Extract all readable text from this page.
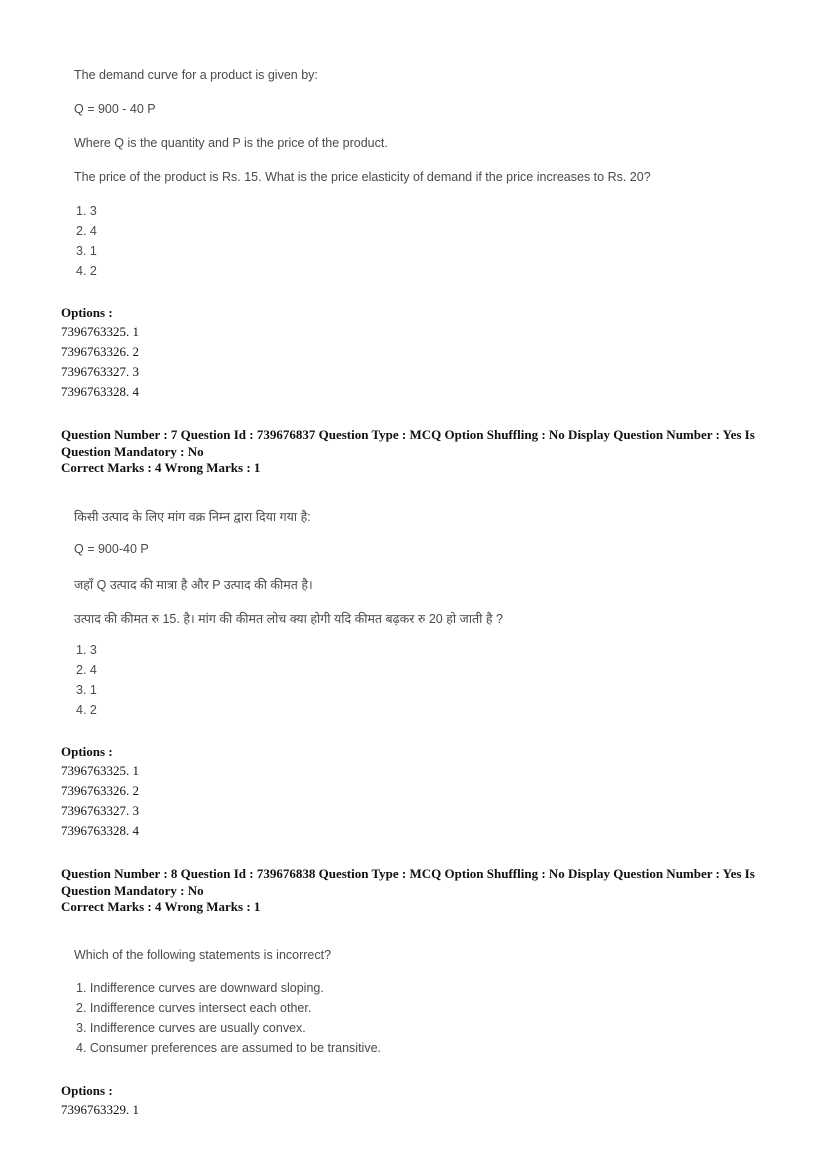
The demand curve for a product is given by:

Q = 900 - 40 P

Where Q is the quantity and P is the price of the product.

The price of the product is Rs. 15. What is the price elasticity of demand if the price increases to Rs. 20?

1. 3
2. 4
3. 1
4. 2
Options :
7396763325. 1
7396763326. 2
7396763327. 3
7396763328. 4
Question Number : 7 Question Id : 739676837 Question Type : MCQ Option Shuffling : No Display Question Number : Yes Is Question Mandatory : No
Correct Marks : 4 Wrong Marks : 1

किसी उत्पाद के लिए मांग वक्र निम्न द्वारा दिया गया है:

Q = 900-40 P

जहाँ Q उत्पाद की मात्रा है और P उत्पाद की कीमत है।

उत्पाद की कीमत रु 15. है। मांग की कीमत लोच क्या होगी यदि कीमत बढ़कर रु 20 हो जाती है ?

1. 3
2. 4
3. 1
4. 2
Options :
7396763325. 1
7396763326. 2
7396763327. 3
7396763328. 4
Question Number : 8 Question Id : 739676838 Question Type : MCQ Option Shuffling : No Display Question Number : Yes Is Question Mandatory : No
Correct Marks : 4 Wrong Marks : 1

Which of the following statements is incorrect?

1. Indifference curves are downward sloping.
2. Indifference curves intersect each other.
3. Indifference curves are usually convex.
4. Consumer preferences are assumed to be transitive.
Options :
7396763329. 1
